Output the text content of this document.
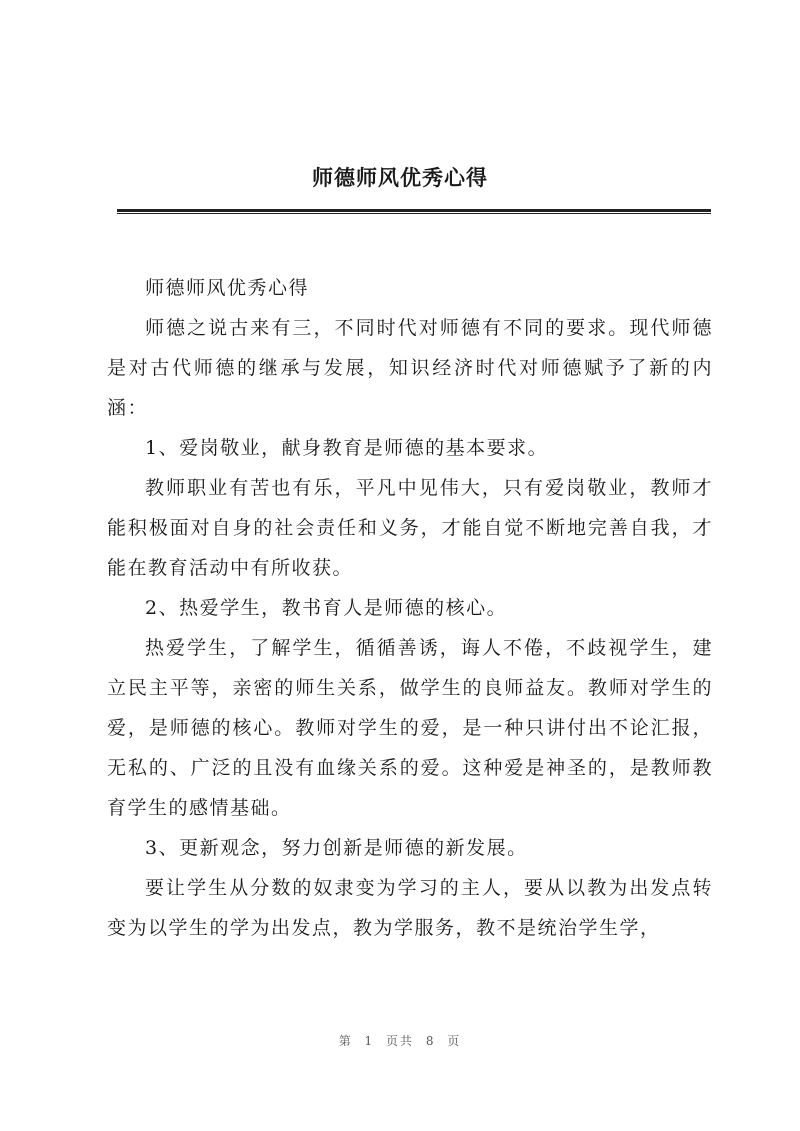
师德师风优秀心得

师德师风优秀心得

师德之说古来有三，不同时代对师德有不同的要求。现代师德是对古代师德的继承与发展，知识经济时代对师德赋予了新的内涵：

1、爱岗敬业，献身教育是师德的基本要求。

教师职业有苦也有乐，平凡中见伟大，只有爱岗敬业，教师才能积极面对自身的社会责任和义务，才能自觉不断地完善自我，才能在教育活动中有所收获。

2、热爱学生，教书育人是师德的核心。

热爱学生，了解学生，循循善诱，诲人不倦，不歧视学生，建立民主平等，亲密的师生关系，做学生的良师益友。教师对学生的爱，是师德的核心。教师对学生的爱，是一种只讲付出不论汇报，无私的、广泛的且没有血缘关系的爱。这种爱是神圣的，是教师教育学生的感情基础。

3、更新观念，努力创新是师德的新发展。

要让学生从分数的奴隶变为学习的主人，要从以教为出发点转变为以学生的学为出发点，教为学服务，教不是统治学生学，

第 1 页共 8 页
